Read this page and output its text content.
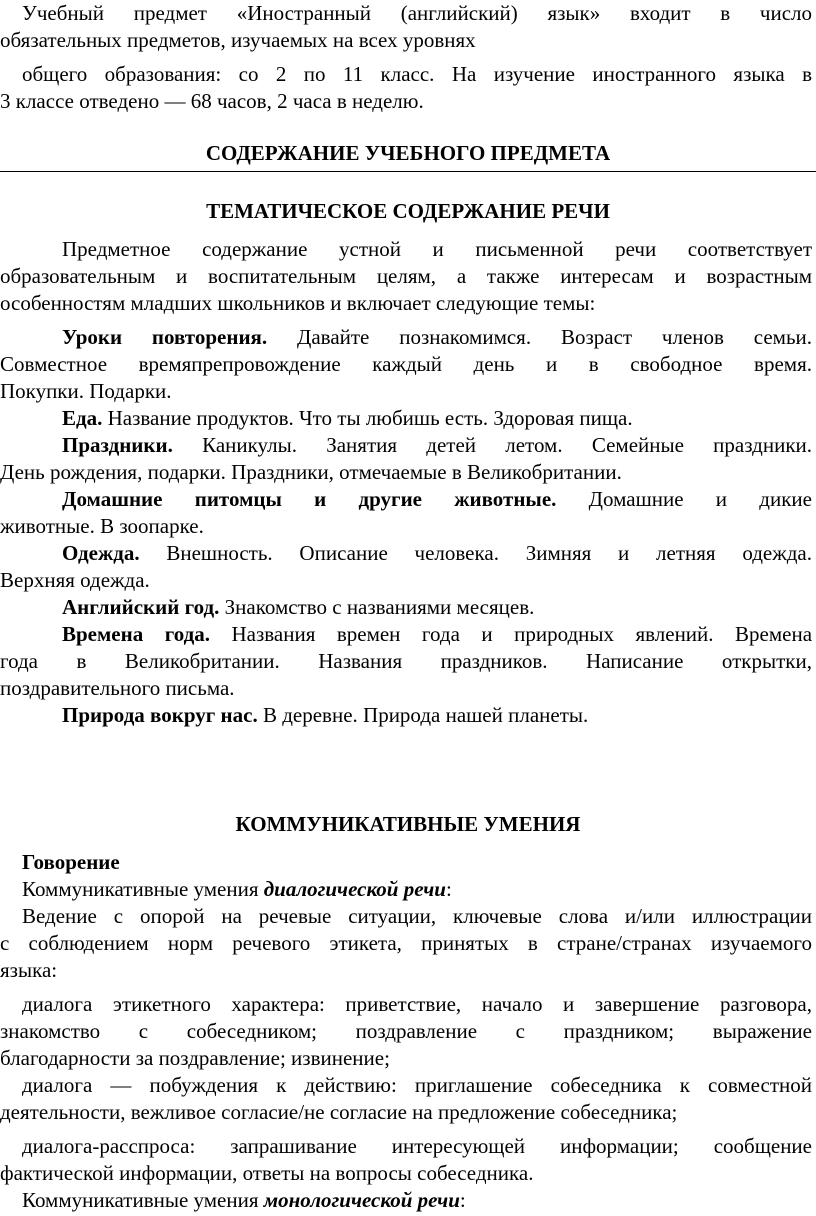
Учебный предмет «Иностранный (английский) язык» входит в число

обязательных предметов, изучаемых на всех уровнях

общего образования: со 2 по 11 класс. На изучение иностранного языка в

3 классе отведено — 68 часов, 2 часа в неделю.

СОДЕРЖАНИЕ УЧЕБНОГО ПРЕДМЕТА

ТЕМАТИЧЕСКОЕ СОДЕРЖАНИЕ РЕЧИ

Предметное содержание устной и письменной речи соответствует

образовательным и воспитательным целям, а также интересам и возрастным

особенностям младших школьников и включает следующие темы:

Уроки повторения. Давайте познакомимся. Возраст членов семьи.

Совместное времяпрепровождение каждый день и в свободное время.

Покупки. Подарки.

Еда. Название продуктов. Что ты любишь есть. Здоровая пища.

Праздники. Каникулы. Занятия детей летом. Семейные праздники.

День рождения, подарки. Праздники, отмечаемые в Великобритании.

Домашние питомцы и другие животные. Домашние и дикие

животные. В зоопарке.

Одежда. Внешность. Описание человека. Зимняя и летняя одежда.

Верхняя одежда.

Английский год. Знакомство с названиями месяцев.

Времена года. Названия времен года и природных явлений. Времена

года в Великобритании. Названия праздников. Написание открытки,

поздравительного письма.

Природа вокруг нас. В деревне. Природа нашей планеты.

КОММУНИКАТИВНЫЕ УМЕНИЯ

Говорение

Коммуникативные умения диалогической речи:

Ведение с опорой на речевые ситуации, ключевые слова и/или иллюстрации

с соблюдением норм речевого этикета, принятых в стране/странах изучаемого

языка:

диалога этикетного характера: приветствие, начало и завершение разговора,

знакомство с собеседником; поздравление с праздником; выражение

благодарности за поздравление; извинение;

диалога — побуждения к действию: приглашение собеседника к совместной

деятельности, вежливое согласие/не согласие на предложение собеседника;

диалога-расспроса: запрашивание интересующей информации; сообщение

фактической информации, ответы на вопросы собеседника.

Коммуникативные умения монологической речи:
